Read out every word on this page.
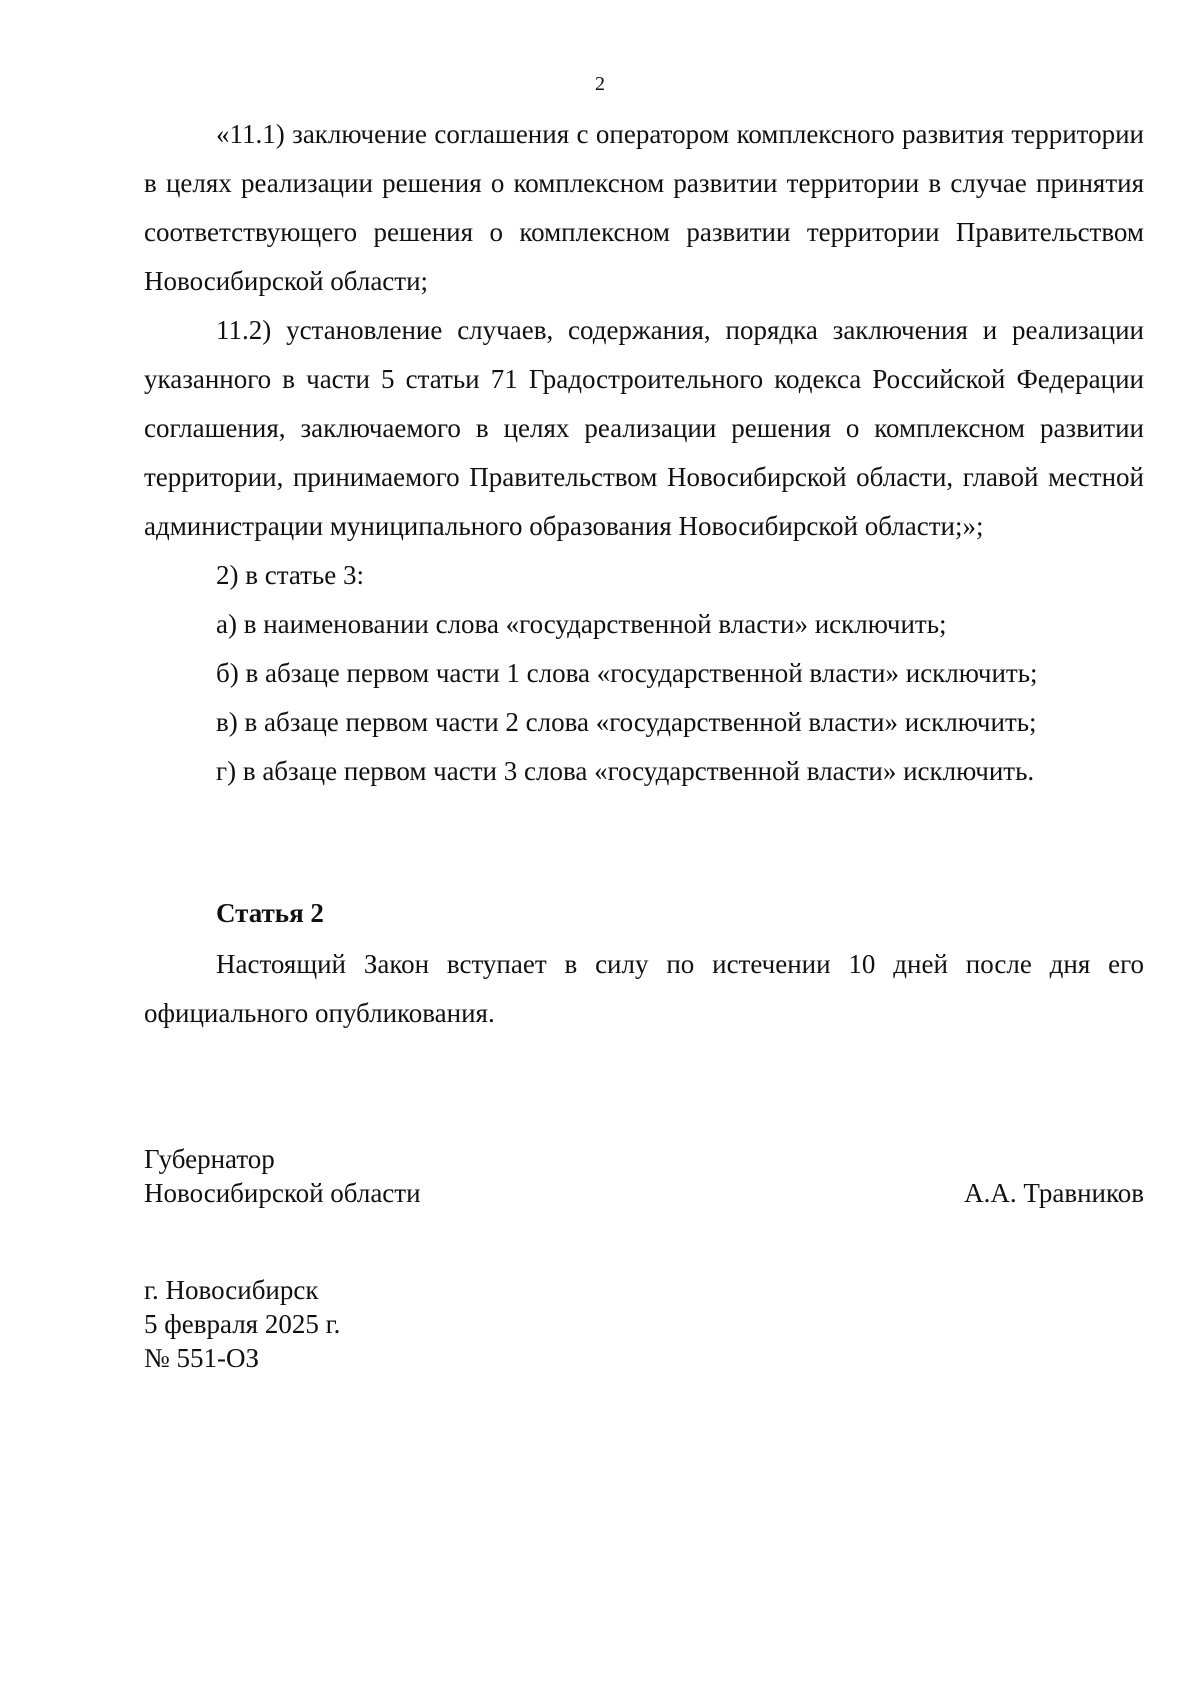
2

«11.1) заключение соглашения с оператором комплексного развития территории в целях реализации решения о комплексном развитии территории в случае принятия соответствующего решения о комплексном развитии территории Правительством Новосибирской области;

11.2) установление случаев, содержания, порядка заключения и реализации указанного в части 5 статьи 71 Градостроительного кодекса Российской Федерации соглашения, заключаемого в целях реализации решения о комплексном развитии территории, принимаемого Правительством Новосибирской области, главой местной администрации муниципального образования Новосибирской области;»;

2) в статье 3:

а) в наименовании слова «государственной власти» исключить;

б) в абзаце первом части 1 слова «государственной власти» исключить;

в) в абзаце первом части 2 слова «государственной власти» исключить;

г) в абзаце первом части 3 слова «государственной власти» исключить.

Статья 2

Настоящий Закон вступает в силу по истечении 10 дней после дня его официального опубликования.

Губернатор
Новосибирской области	А.А. Травников
г. Новосибирск
5 февраля 2025 г.
№ 551-ОЗ
